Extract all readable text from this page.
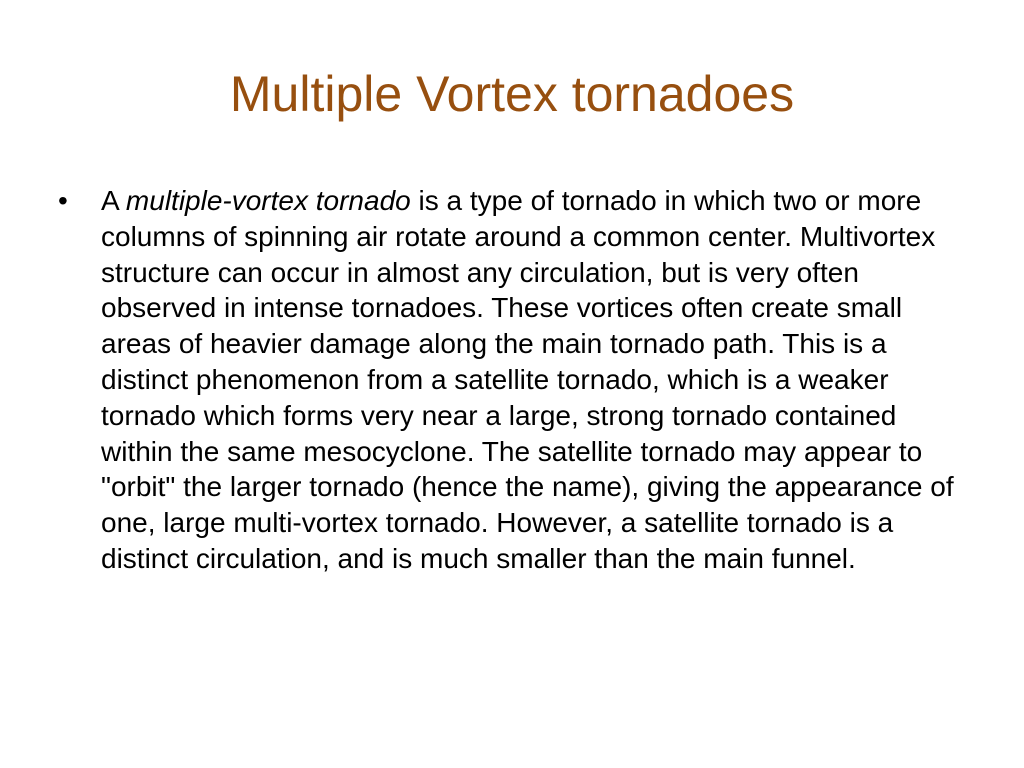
Multiple Vortex tornadoes
• A multiple-vortex tornado is a type of tornado in which two or more columns of spinning air rotate around a common center. Multivortex structure can occur in almost any circulation, but is very often observed in intense tornadoes. These vortices often create small areas of heavier damage along the main tornado path. This is a distinct phenomenon from a satellite tornado, which is a weaker tornado which forms very near a large, strong tornado contained within the same mesocyclone. The satellite tornado may appear to "orbit" the larger tornado (hence the name), giving the appearance of one, large multi-vortex tornado. However, a satellite tornado is a distinct circulation, and is much smaller than the main funnel.
